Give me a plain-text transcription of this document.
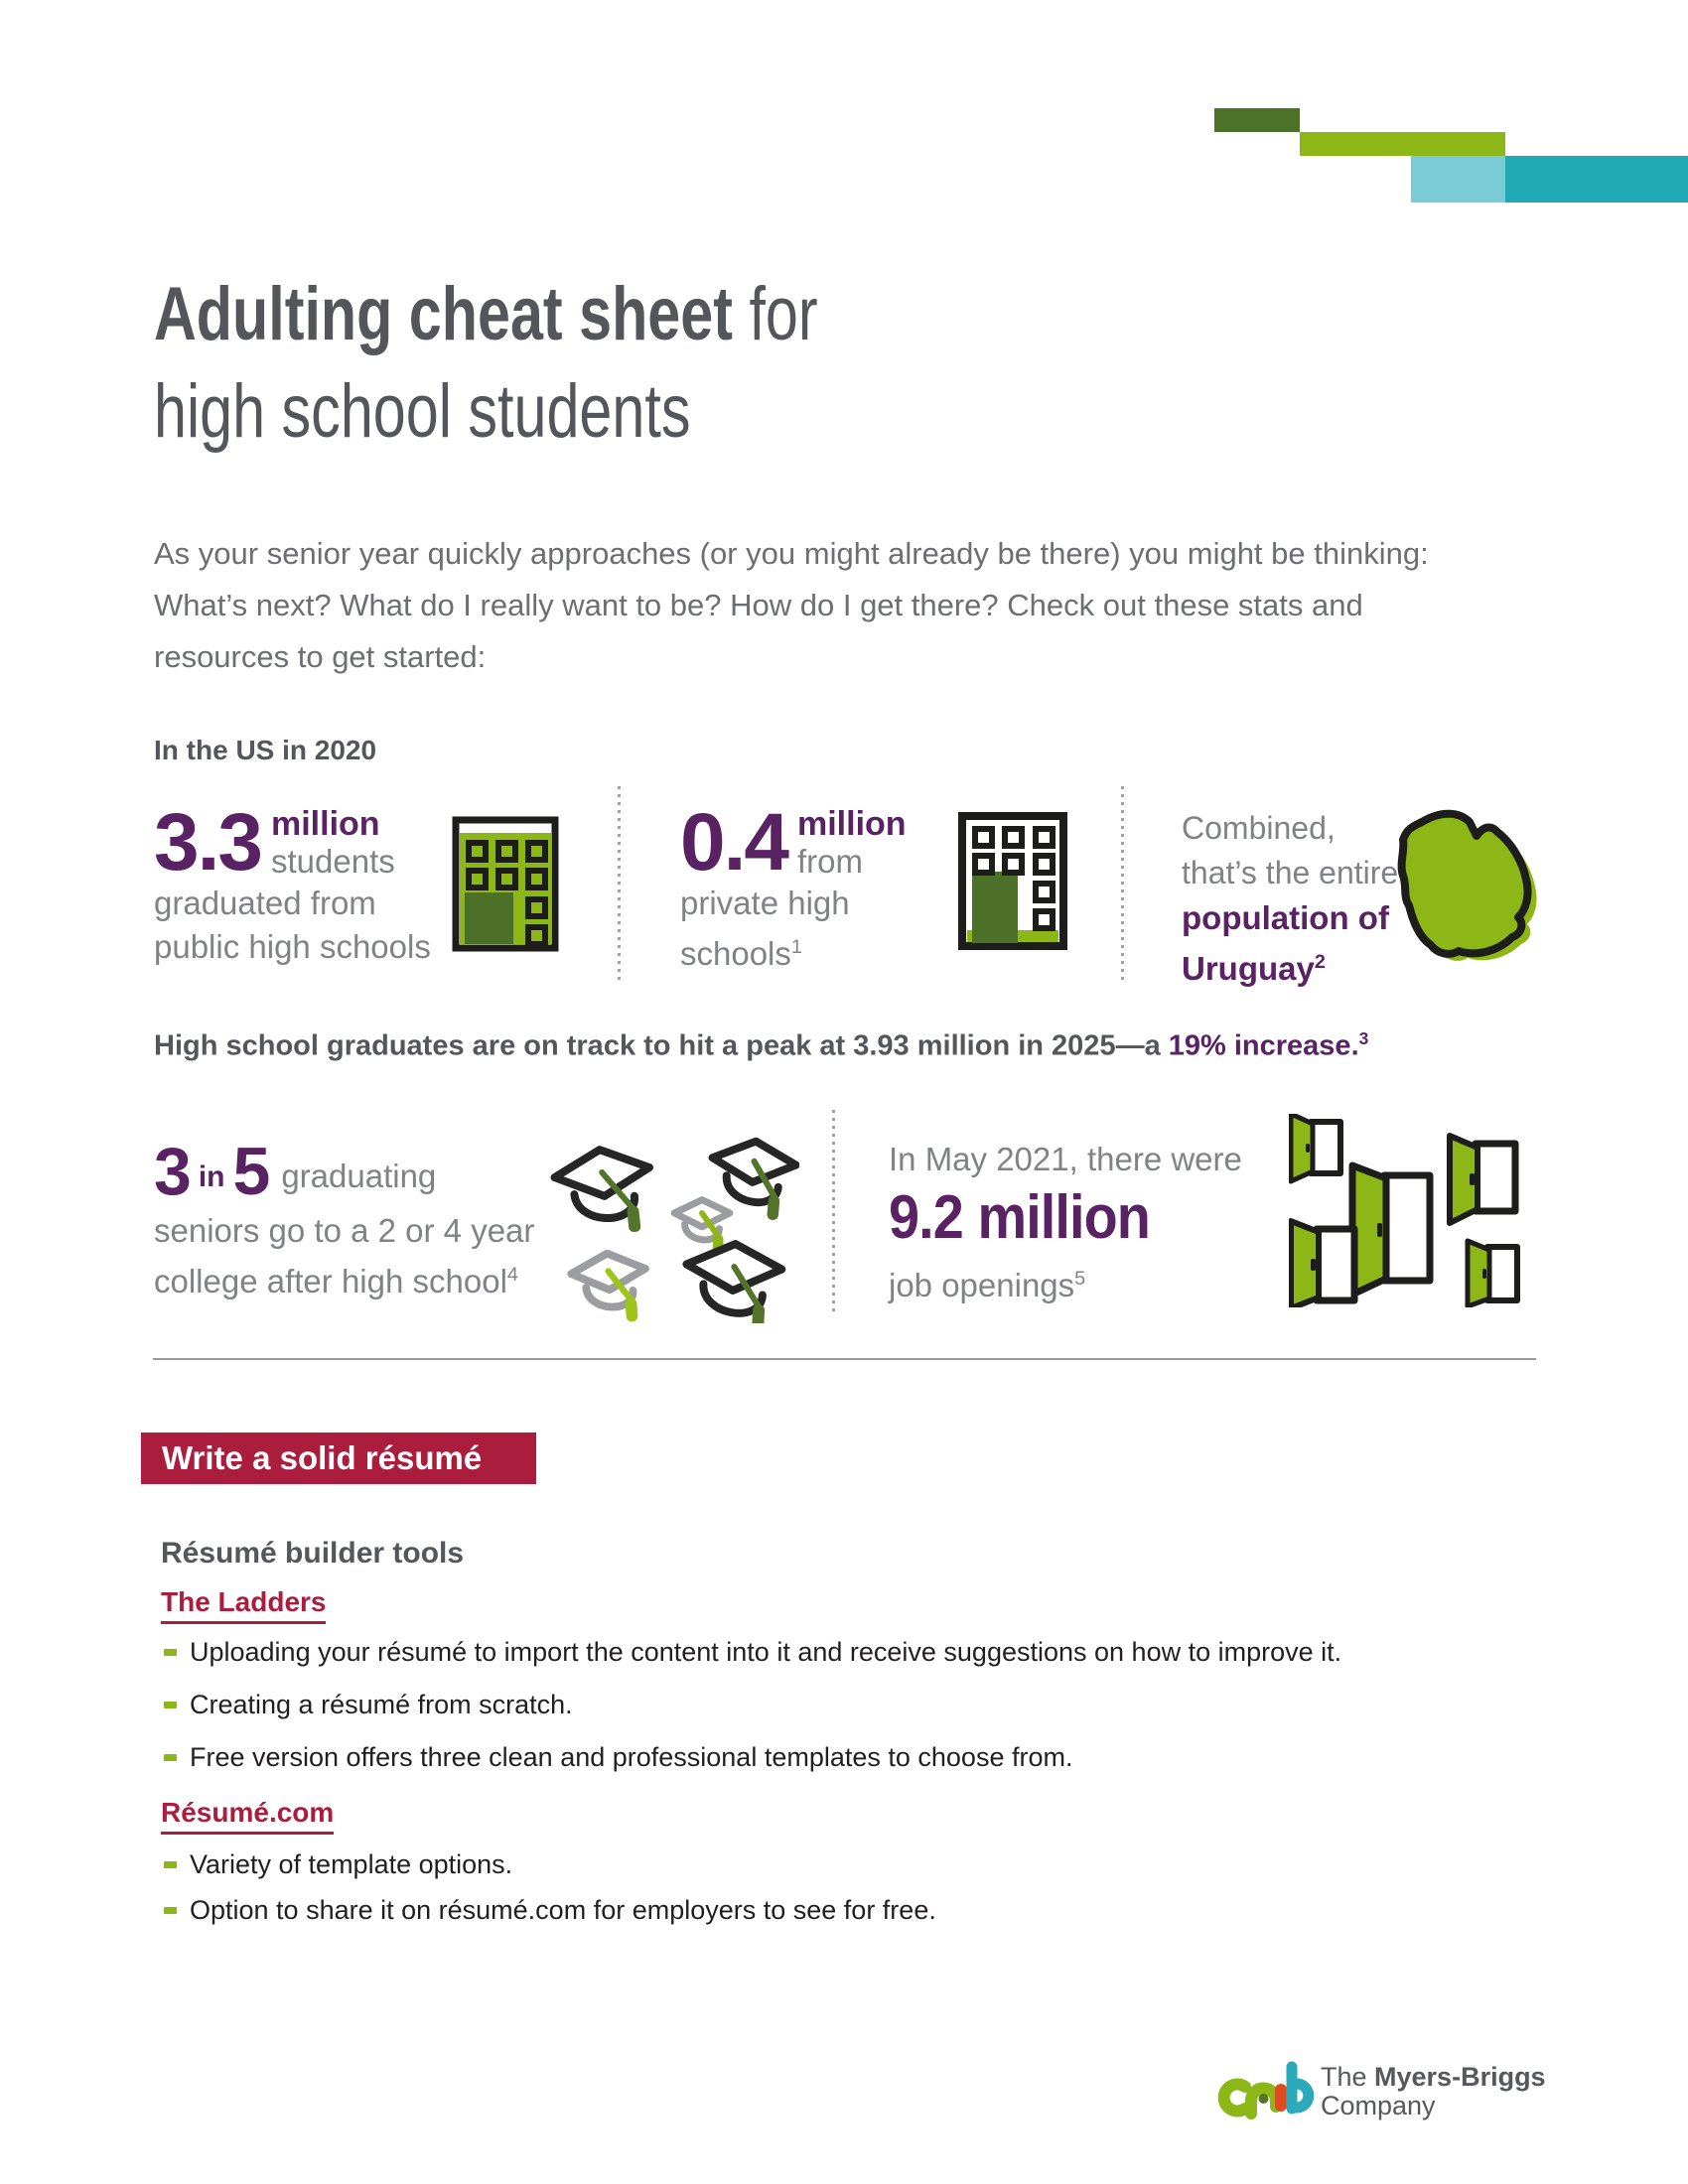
Adulting cheat sheet for
high school students

As your senior year quickly approaches (or you might already be there) you might be thinking: What’s next? What do I really want to be? How do I get there? Check out these stats and resources to get started:

In the US in 2020
3.3 million
students
graduated from
public high schools
0.4 million
from
private high
schools$^1$
Combined,
that’s the entire
population of
Uruguay$^2$
High school graduates are on track to hit a peak at 3.93 million in 2025—a 19% increase.$^3$
3 in 5 graduating
seniors go to a 2 or 4 year
college after high school$^4$
In May 2021, there were
9.2 million
job openings$^5$
Write a solid résumé
Résumé builder tools
The Ladders
Uploading your résumé to import the content into it and receive suggestions on how to improve it.
Creating a résumé from scratch.
Free version offers three clean and professional templates to choose from.
Résumé.com
Variety of template options.
Option to share it on résumé.com for employers to see for free.
The Myers-Briggs
Company
